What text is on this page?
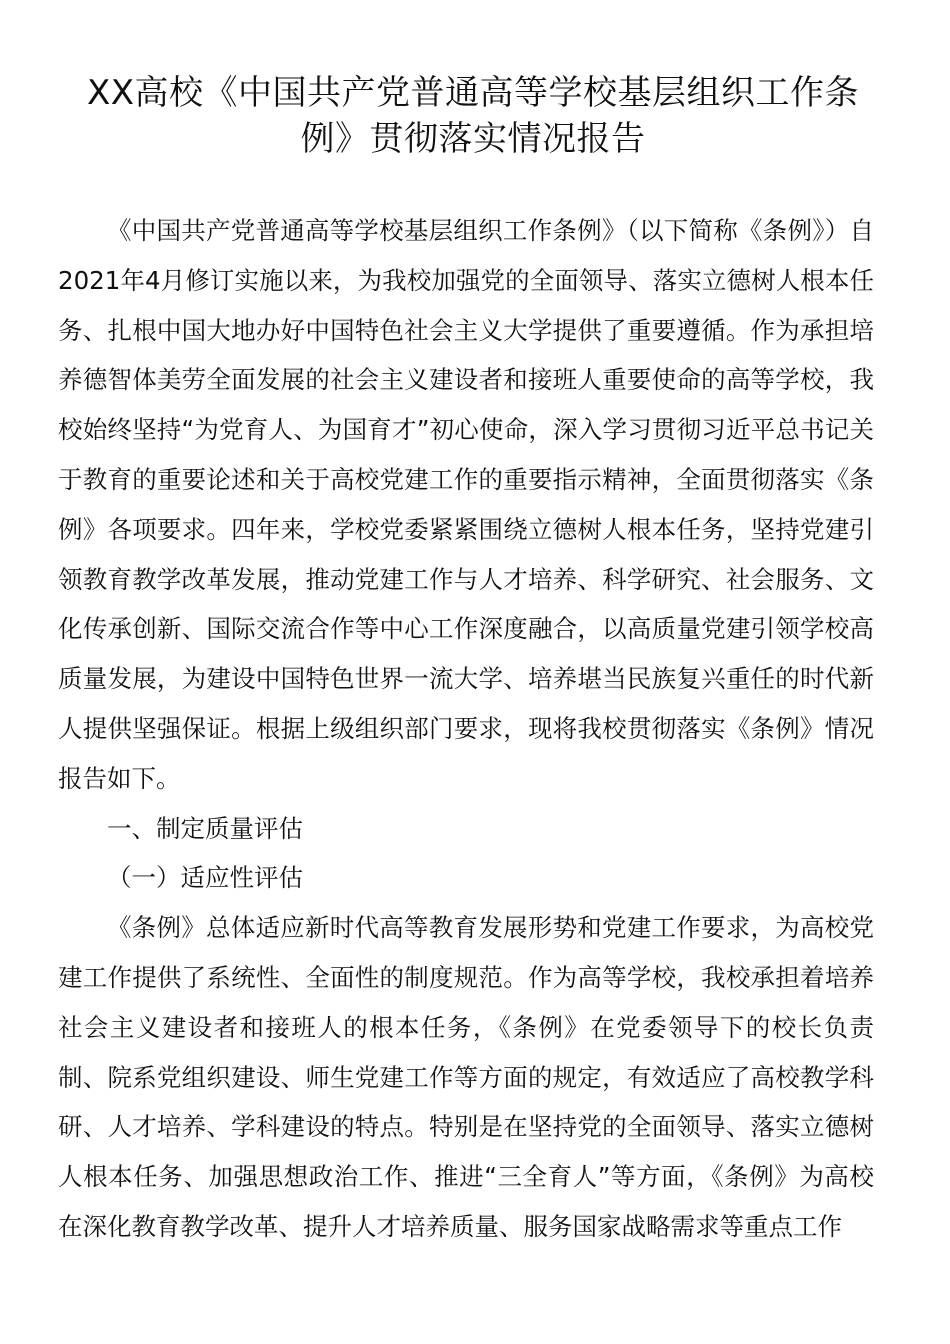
XX高校《中国共产党普通高等学校基层组织工作条例》贯彻落实情况报告

《中国共产党普通高等学校基层组织工作条例》（以下简称《条例》）自2021年4月修订实施以来，为我校加强党的全面领导、落实立德树人根本任务、扎根中国大地办好中国特色社会主义大学提供了重要遵循。作为承担培养德智体美劳全面发展的社会主义建设者和接班人重要使命的高等学校，我校始终坚持“为党育人、为国育才”初心使命，深入学习贯彻习近平总书记关于教育的重要论述和关于高校党建工作的重要指示精神，全面贯彻落实《条例》各项要求。四年来，学校党委紧紧围绕立德树人根本任务，坚持党建引领教育教学改革发展，推动党建工作与人才培养、科学研究、社会服务、文化传承创新、国际交流合作等中心工作深度融合，以高质量党建引领学校高质量发展，为建设中国特色世界一流大学、培养堪当民族复兴重任的时代新人提供坚强保证。根据上级组织部门要求，现将我校贯彻落实《条例》情况报告如下。

一、制定质量评估

（一）适应性评估

《条例》总体适应新时代高等教育发展形势和党建工作要求，为高校党建工作提供了系统性、全面性的制度规范。作为高等学校，我校承担着培养社会主义建设者和接班人的根本任务，《条例》在党委领导下的校长负责制、院系党组织建设、师生党建工作等方面的规定，有效适应了高校教学科研、人才培养、学科建设的特点。特别是在坚持党的全面领导、落实立德树人根本任务、加强思想政治工作、推进“三全育人”等方面，《条例》为高校在深化教育教学改革、提升人才培养质量、服务国家战略需求等重点工作
